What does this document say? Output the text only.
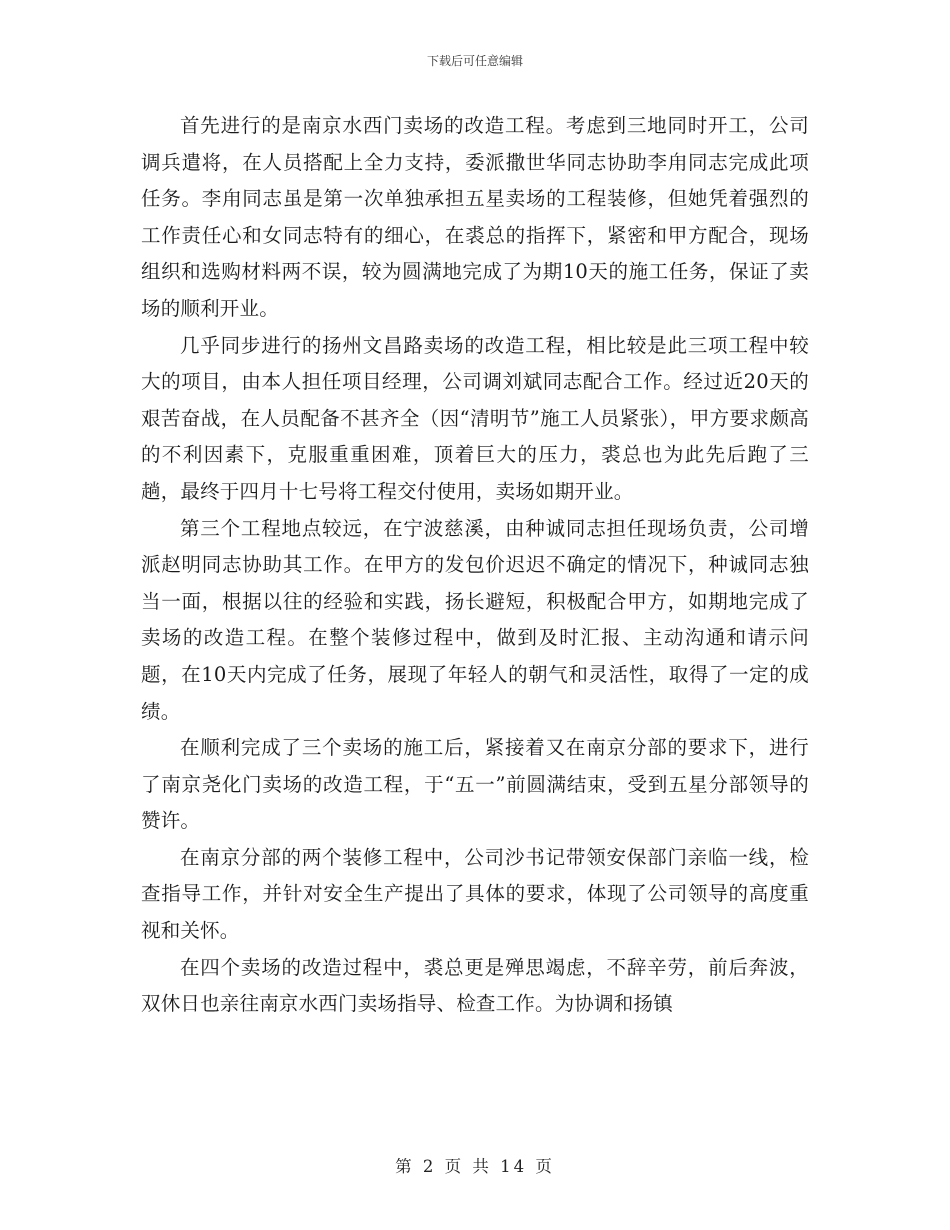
下载后可任意编辑

首先进行的是南京水西门卖场的改造工程。考虑到三地同时开工，公司调兵遣将，在人员搭配上全力支持，委派撒世华同志协助李甪同志完成此项任务。李甪同志虽是第一次单独承担五星卖场的工程装修，但她凭着强烈的工作责任心和女同志特有的细心，在裘总的指挥下，紧密和甲方配合，现场组织和选购材料两不误，较为圆满地完成了为期10天的施工任务，保证了卖场的顺利开业。

几乎同步进行的扬州文昌路卖场的改造工程，相比较是此三项工程中较大的项目，由本人担任项目经理，公司调刘斌同志配合工作。经过近20天的艰苦奋战，在人员配备不甚齐全（因“清明节”施工人员紧张），甲方要求颇高的不利因素下，克服重重困难，顶着巨大的压力，裘总也为此先后跑了三趟，最终于四月十七号将工程交付使用，卖场如期开业。

第三个工程地点较远，在宁波慈溪，由种诚同志担任现场负责，公司增派赵明同志协助其工作。在甲方的发包价迟迟不确定的情况下，种诚同志独当一面，根据以往的经验和实践，扬长避短，积极配合甲方，如期地完成了卖场的改造工程。在整个装修过程中，做到及时汇报、主动沟通和请示问题，在10天内完成了任务，展现了年轻人的朝气和灵活性，取得了一定的成绩。

在顺利完成了三个卖场的施工后，紧接着又在南京分部的要求下，进行了南京尧化门卖场的改造工程，于“五一”前圆满结束，受到五星分部领导的赞许。

在南京分部的两个装修工程中，公司沙书记带领安保部门亲临一线，检查指导工作，并针对安全生产提出了具体的要求，体现了公司领导的高度重视和关怀。

在四个卖场的改造过程中，裘总更是殚思竭虑，不辞辛劳，前后奔波，双休日也亲往南京水西门卖场指导、检查工作。为协调和扬镇

第 2 页 共 14 页
